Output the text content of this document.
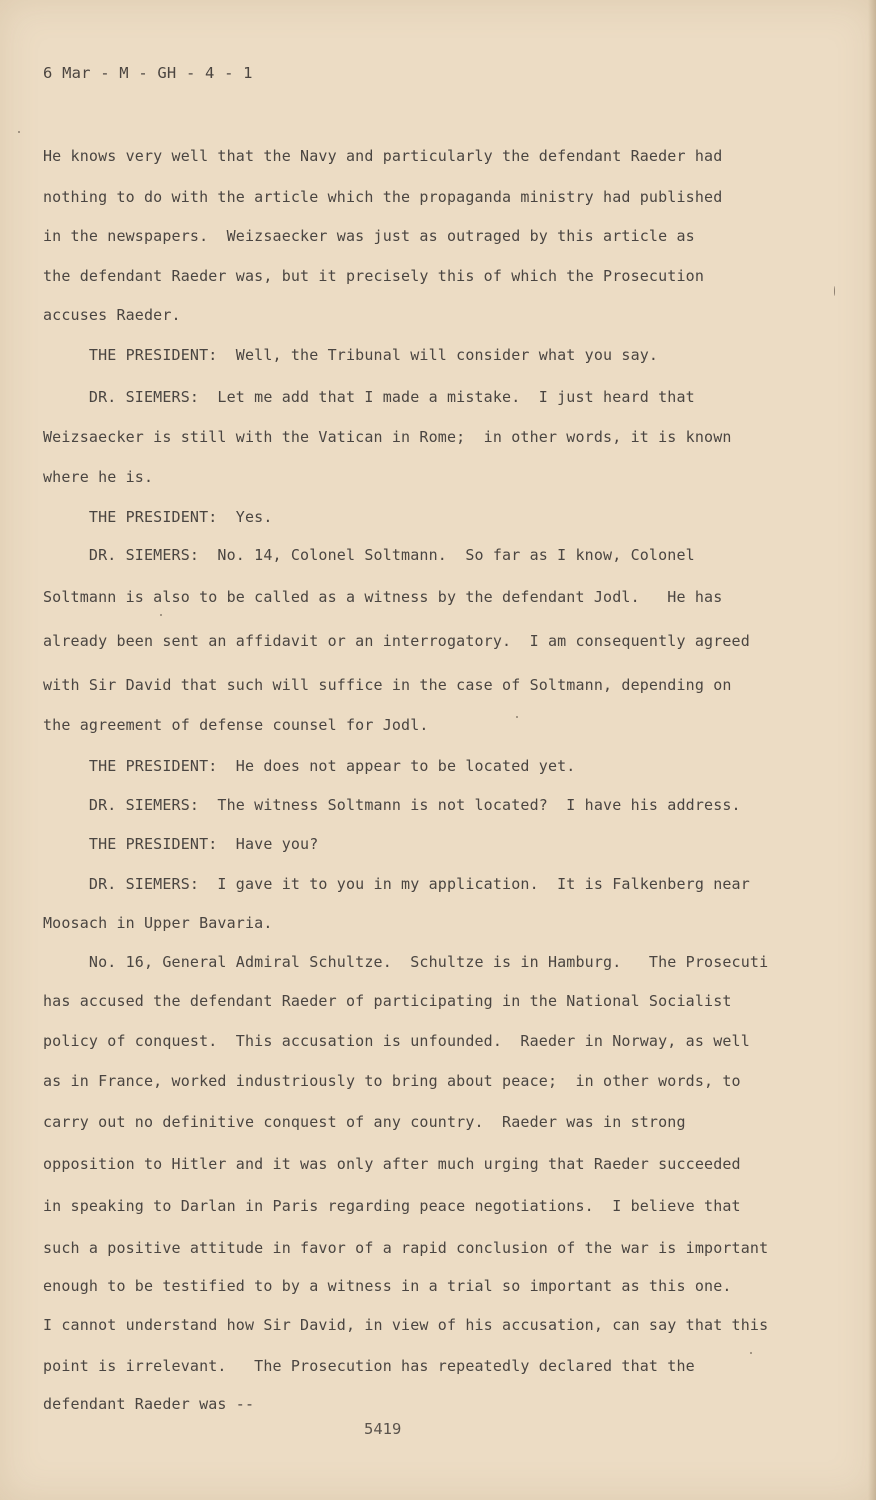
6 Mar - M - GH - 4 - 1
He knows very well that the Navy and particularly the defendant Raeder had
nothing to do with the article which the propaganda ministry had published
in the newspapers.  Weizsaecker was just as outraged by this article as
the defendant Raeder was, but it precisely this of which the Prosecution
accuses Raeder.
THE PRESIDENT:  Well, the Tribunal will consider what you say.
DR. SIEMERS:  Let me add that I made a mistake.  I just heard that
Weizsaecker is still with the Vatican in Rome;  in other words, it is known
where he is.
THE PRESIDENT:  Yes.
DR. SIEMERS:  No. 14, Colonel Soltmann.  So far as I know, Colonel
Soltmann is also to be called as a witness by the defendant Jodl.   He has
already been sent an affidavit or an interrogatory.  I am consequently agreed
with Sir David that such will suffice in the case of Soltmann, depending on
the agreement of defense counsel for Jodl.
THE PRESIDENT:  He does not appear to be located yet.
DR. SIEMERS:  The witness Soltmann is not located?  I have his address.
THE PRESIDENT:  Have you?
DR. SIEMERS:  I gave it to you in my application.  It is Falkenberg near
Moosach in Upper Bavaria.
No. 16, General Admiral Schultze.  Schultze is in Hamburg.   The Prosecuti
has accused the defendant Raeder of participating in the National Socialist
policy of conquest.  This accusation is unfounded.  Raeder in Norway, as well
as in France, worked industriously to bring about peace;  in other words, to
carry out no definitive conquest of any country.  Raeder was in strong
opposition to Hitler and it was only after much urging that Raeder succeeded
in speaking to Darlan in Paris regarding peace negotiations.  I believe that
such a positive attitude in favor of a rapid conclusion of the war is important
enough to be testified to by a witness in a trial so important as this one.
I cannot understand how Sir David, in view of his accusation, can say that this
point is irrelevant.   The Prosecution has repeatedly declared that the
defendant Raeder was --
5419
